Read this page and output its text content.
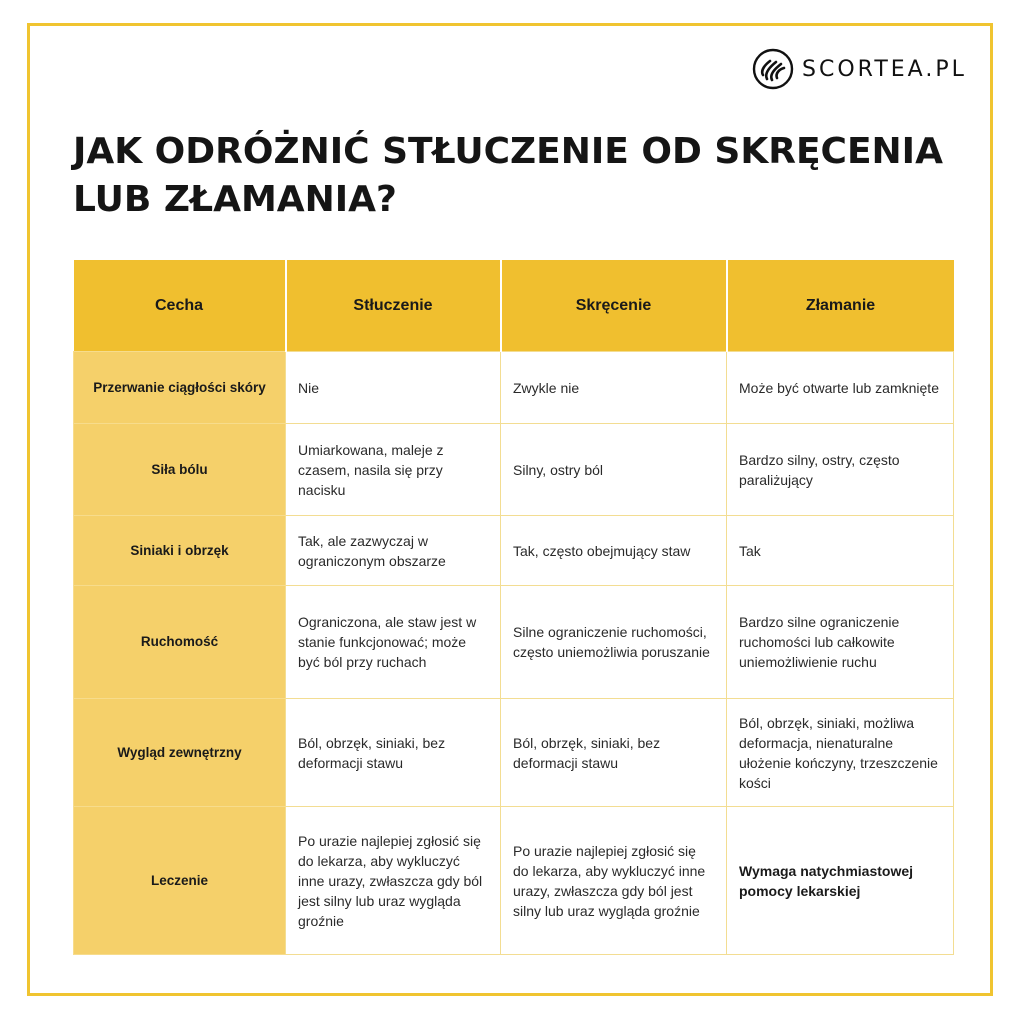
SCORTEA.PL
JAK ODRÓŻNIĆ STŁUCZENIE OD SKRĘCENIA
LUB ZŁAMANIA?
Cecha	Stłuczenie	Skręcenie	Złamanie
Przerwanie ciągłości skóry	Nie	Zwykle nie	Może być otwarte lub zamknięte
Siła bólu	Umiarkowana, maleje z czasem, nasila się przy nacisku	Silny, ostry ból	Bardzo silny, ostry, często paraliżujący
Siniaki i obrzęk	Tak, ale zazwyczaj w ograniczonym obszarze	Tak, często obejmujący staw	Tak
Ruchomość	Ograniczona, ale staw jest w stanie funkcjonować; może być ból przy ruchach	Silne ograniczenie ruchomości, często uniemożliwia poruszanie	Bardzo silne ograniczenie ruchomości lub całkowite uniemożliwienie ruchu
Wygląd zewnętrzny	Ból, obrzęk, siniaki, bez deformacji stawu	Ból, obrzęk, siniaki, bez deformacji stawu	Ból, obrzęk, siniaki, możliwa deformacja, nienaturalne ułożenie kończyny, trzeszczenie kości
Leczenie	Po urazie najlepiej zgłosić się do lekarza, aby wykluczyć inne urazy, zwłaszcza gdy ból jest silny lub uraz wygląda groźnie	Po urazie najlepiej zgłosić się do lekarza, aby wykluczyć inne urazy, zwłaszcza gdy ból jest silny lub uraz wygląda groźnie	Wymaga natychmiastowej pomocy lekarskiej
